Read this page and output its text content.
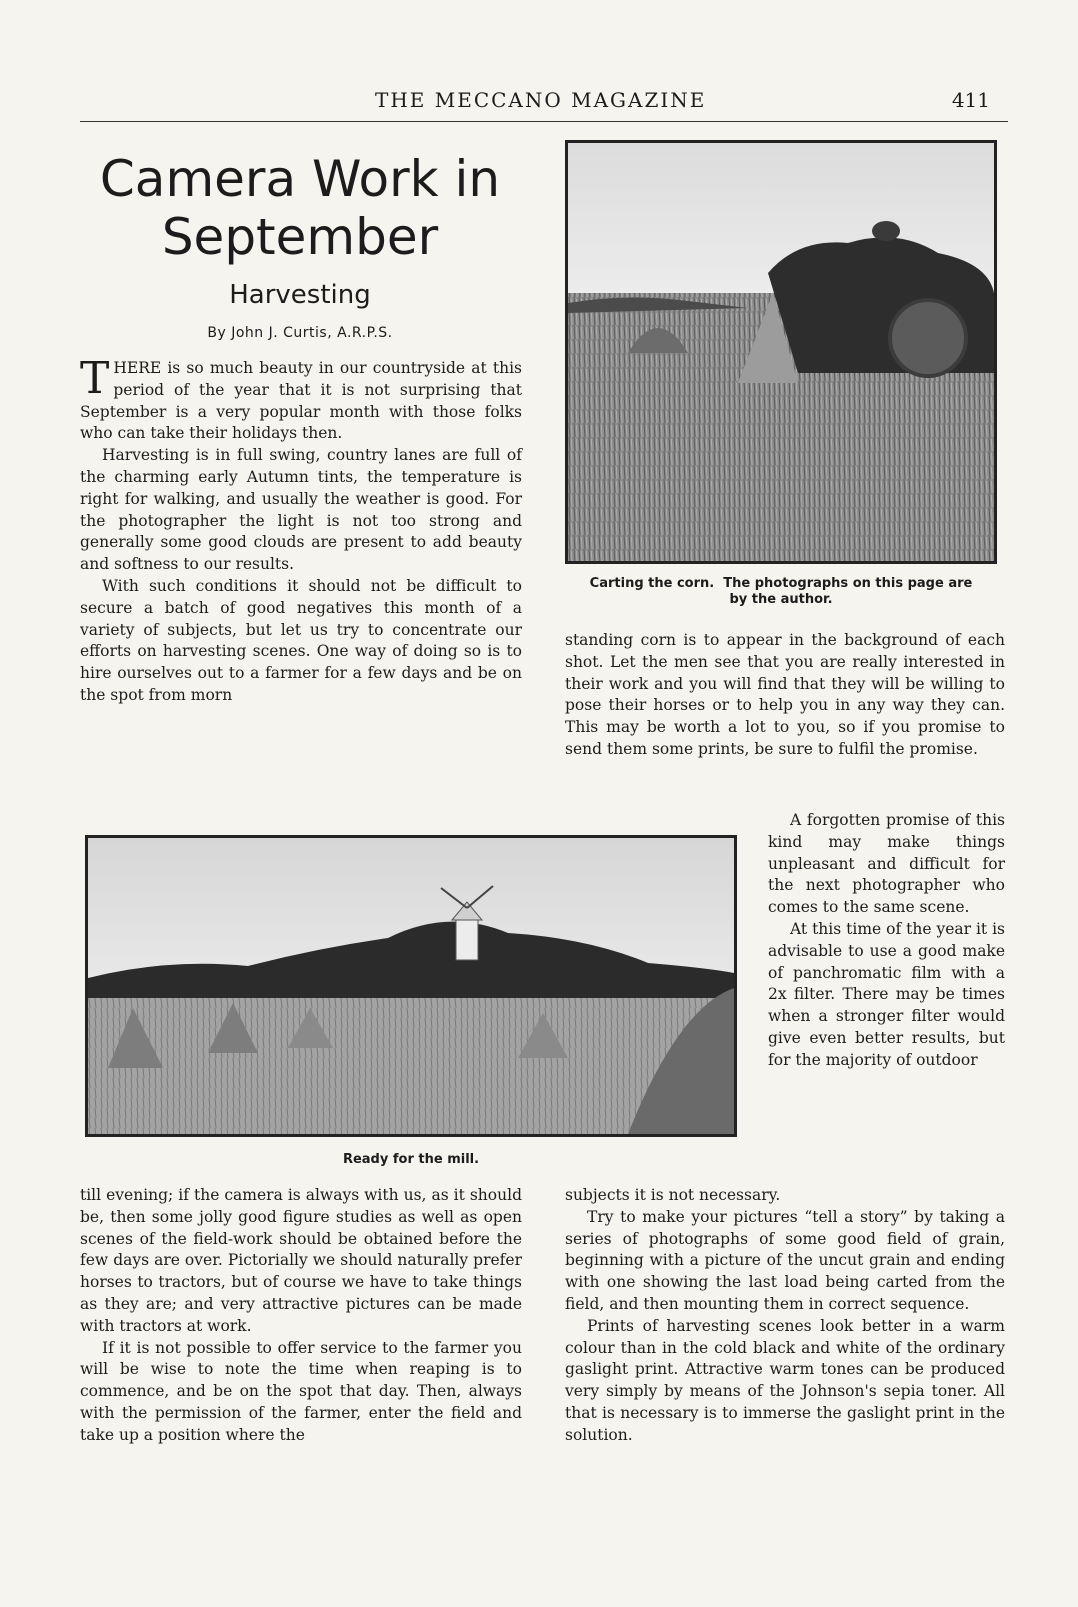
THE MECCANO MAGAZINE	411
Camera Work in
September
Harvesting
By John J. Curtis, A.R.P.S.

THERE is so much beauty in our countryside at this period of the year that it is not surprising that September is a very popular month with those folks who can take their holidays then.

Harvesting is in full swing, country lanes are full of the charming early Autumn tints, the temperature is right for walking, and usually the weather is good. For the photographer the light is not too strong and generally some good clouds are present to add beauty and softness to our results.

With such conditions it should not be difficult to secure a batch of good negatives this month of a variety of subjects, but let us try to concentrate our efforts on harvesting scenes. One way of doing so is to hire ourselves out to a farmer for a few days and be on the spot from morn

Carting the corn. The photographs on this page are
by the author.

standing corn is to appear in the background of each shot. Let the men see that you are really interested in their work and you will find that they will be willing to pose their horses or to help you in any way they can. This may be worth a lot to you, so if you promise to send them some prints, be sure to fulfil the promise.

A forgotten promise of this kind may make things unpleasant and difficult for the next photographer who comes to the same scene.

At this time of the year it is advisable to use a good make of panchromatic film with a 2x filter. There may be times when a stronger filter would give even better results, but for the majority of outdoor

Ready for the mill.

till evening; if the camera is always with us, as it should be, then some jolly good figure studies as well as open scenes of the field-work should be obtained before the few days are over. Pictorially we should naturally prefer horses to tractors, but of course we have to take things as they are; and very attractive pictures can be made with tractors at work.

If it is not possible to offer service to the farmer you will be wise to note the time when reaping is to commence, and be on the spot that day. Then, always with the permission of the farmer, enter the field and take up a position where the

subjects it is not necessary.

Try to make your pictures “tell a story” by taking a series of photographs of some good field of grain, beginning with a picture of the uncut grain and ending with one showing the last load being carted from the field, and then mounting them in correct sequence.

Prints of harvesting scenes look better in a warm colour than in the cold black and white of the ordinary gaslight print. Attractive warm tones can be produced very simply by means of the Johnson's sepia toner. All that is necessary is to immerse the gaslight print in the solution.
